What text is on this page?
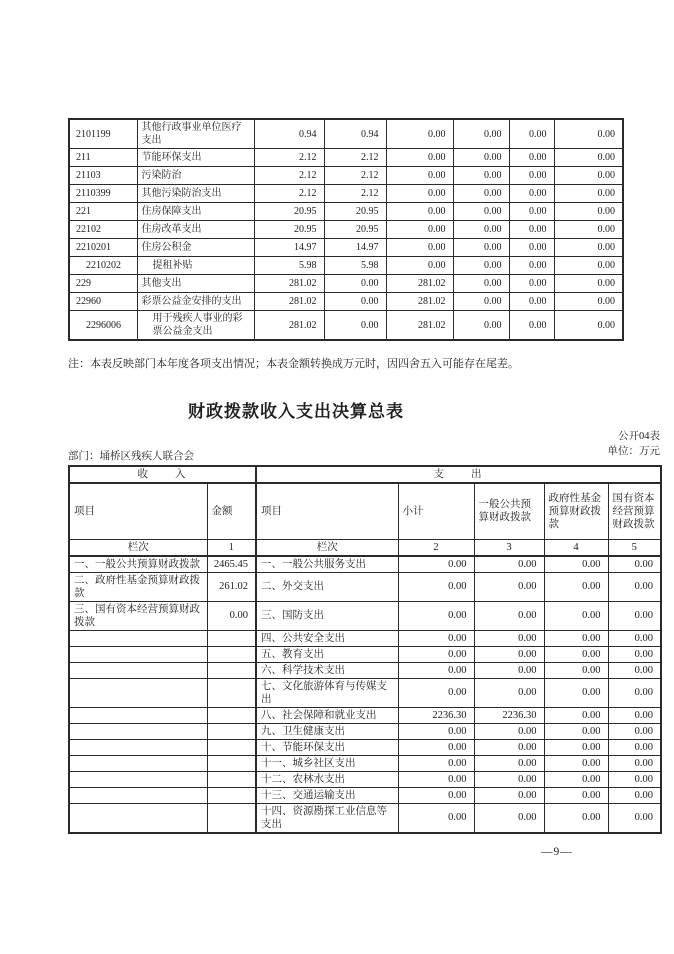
2101199	其他行政事业单位医疗支出	0.94	0.94	0.00	0.00	0.00	0.00
211	节能环保支出	2.12	2.12	0.00	0.00	0.00	0.00
21103	污染防治	2.12	2.12	0.00	0.00	0.00	0.00
2110399	其他污染防治支出	2.12	2.12	0.00	0.00	0.00	0.00
221	住房保障支出	20.95	20.95	0.00	0.00	0.00	0.00
22102	住房改革支出	20.95	20.95	0.00	0.00	0.00	0.00
2210201	住房公积金	14.97	14.97	0.00	0.00	0.00	0.00
2210202	提租补贴	5.98	5.98	0.00	0.00	0.00	0.00
229	其他支出	281.02	0.00	281.02	0.00	0.00	0.00
22960	彩票公益金安排的支出	281.02	0.00	281.02	0.00	0.00	0.00
2296006	用于残疾人事业的彩票公益金支出	281.02	0.00	281.02	0.00	0.00	0.00

注：本表反映部门本年度各项支出情况；本表金额转换成万元时，因四舍五入可能存在尾差。

财政拨款收入支出决算总表
公开04表
单位：万元
部门：埇桥区残疾人联合会
收　　入		支　　出				
项目	金额	项目	小计	一般公共预算财政拨款	政府性基金预算财政拨款	国有资本经营预算财政拨款
栏次	1	栏次	2	3	4	5
一、一般公共预算财政拨款	2465.45	一、一般公共服务支出	0.00	0.00	0.00	0.00
二、政府性基金预算财政拨款	261.02	二、外交支出	0.00	0.00	0.00	0.00
三、国有资本经营预算财政拨款	0.00	三、国防支出	0.00	0.00	0.00	0.00
		四、公共安全支出	0.00	0.00	0.00	0.00
		五、教育支出	0.00	0.00	0.00	0.00
		六、科学技术支出	0.00	0.00	0.00	0.00
		七、文化旅游体育与传媒支出	0.00	0.00	0.00	0.00
		八、社会保障和就业支出	2236.30	2236.30	0.00	0.00
		九、卫生健康支出	0.00	0.00	0.00	0.00
		十、节能环保支出	0.00	0.00	0.00	0.00
		十一、城乡社区支出	0.00	0.00	0.00	0.00
		十二、农林水支出	0.00	0.00	0.00	0.00
		十三、交通运输支出	0.00	0.00	0.00	0.00
		十四、资源勘探工业信息等支出	0.00	0.00	0.00	0.00
—9—
